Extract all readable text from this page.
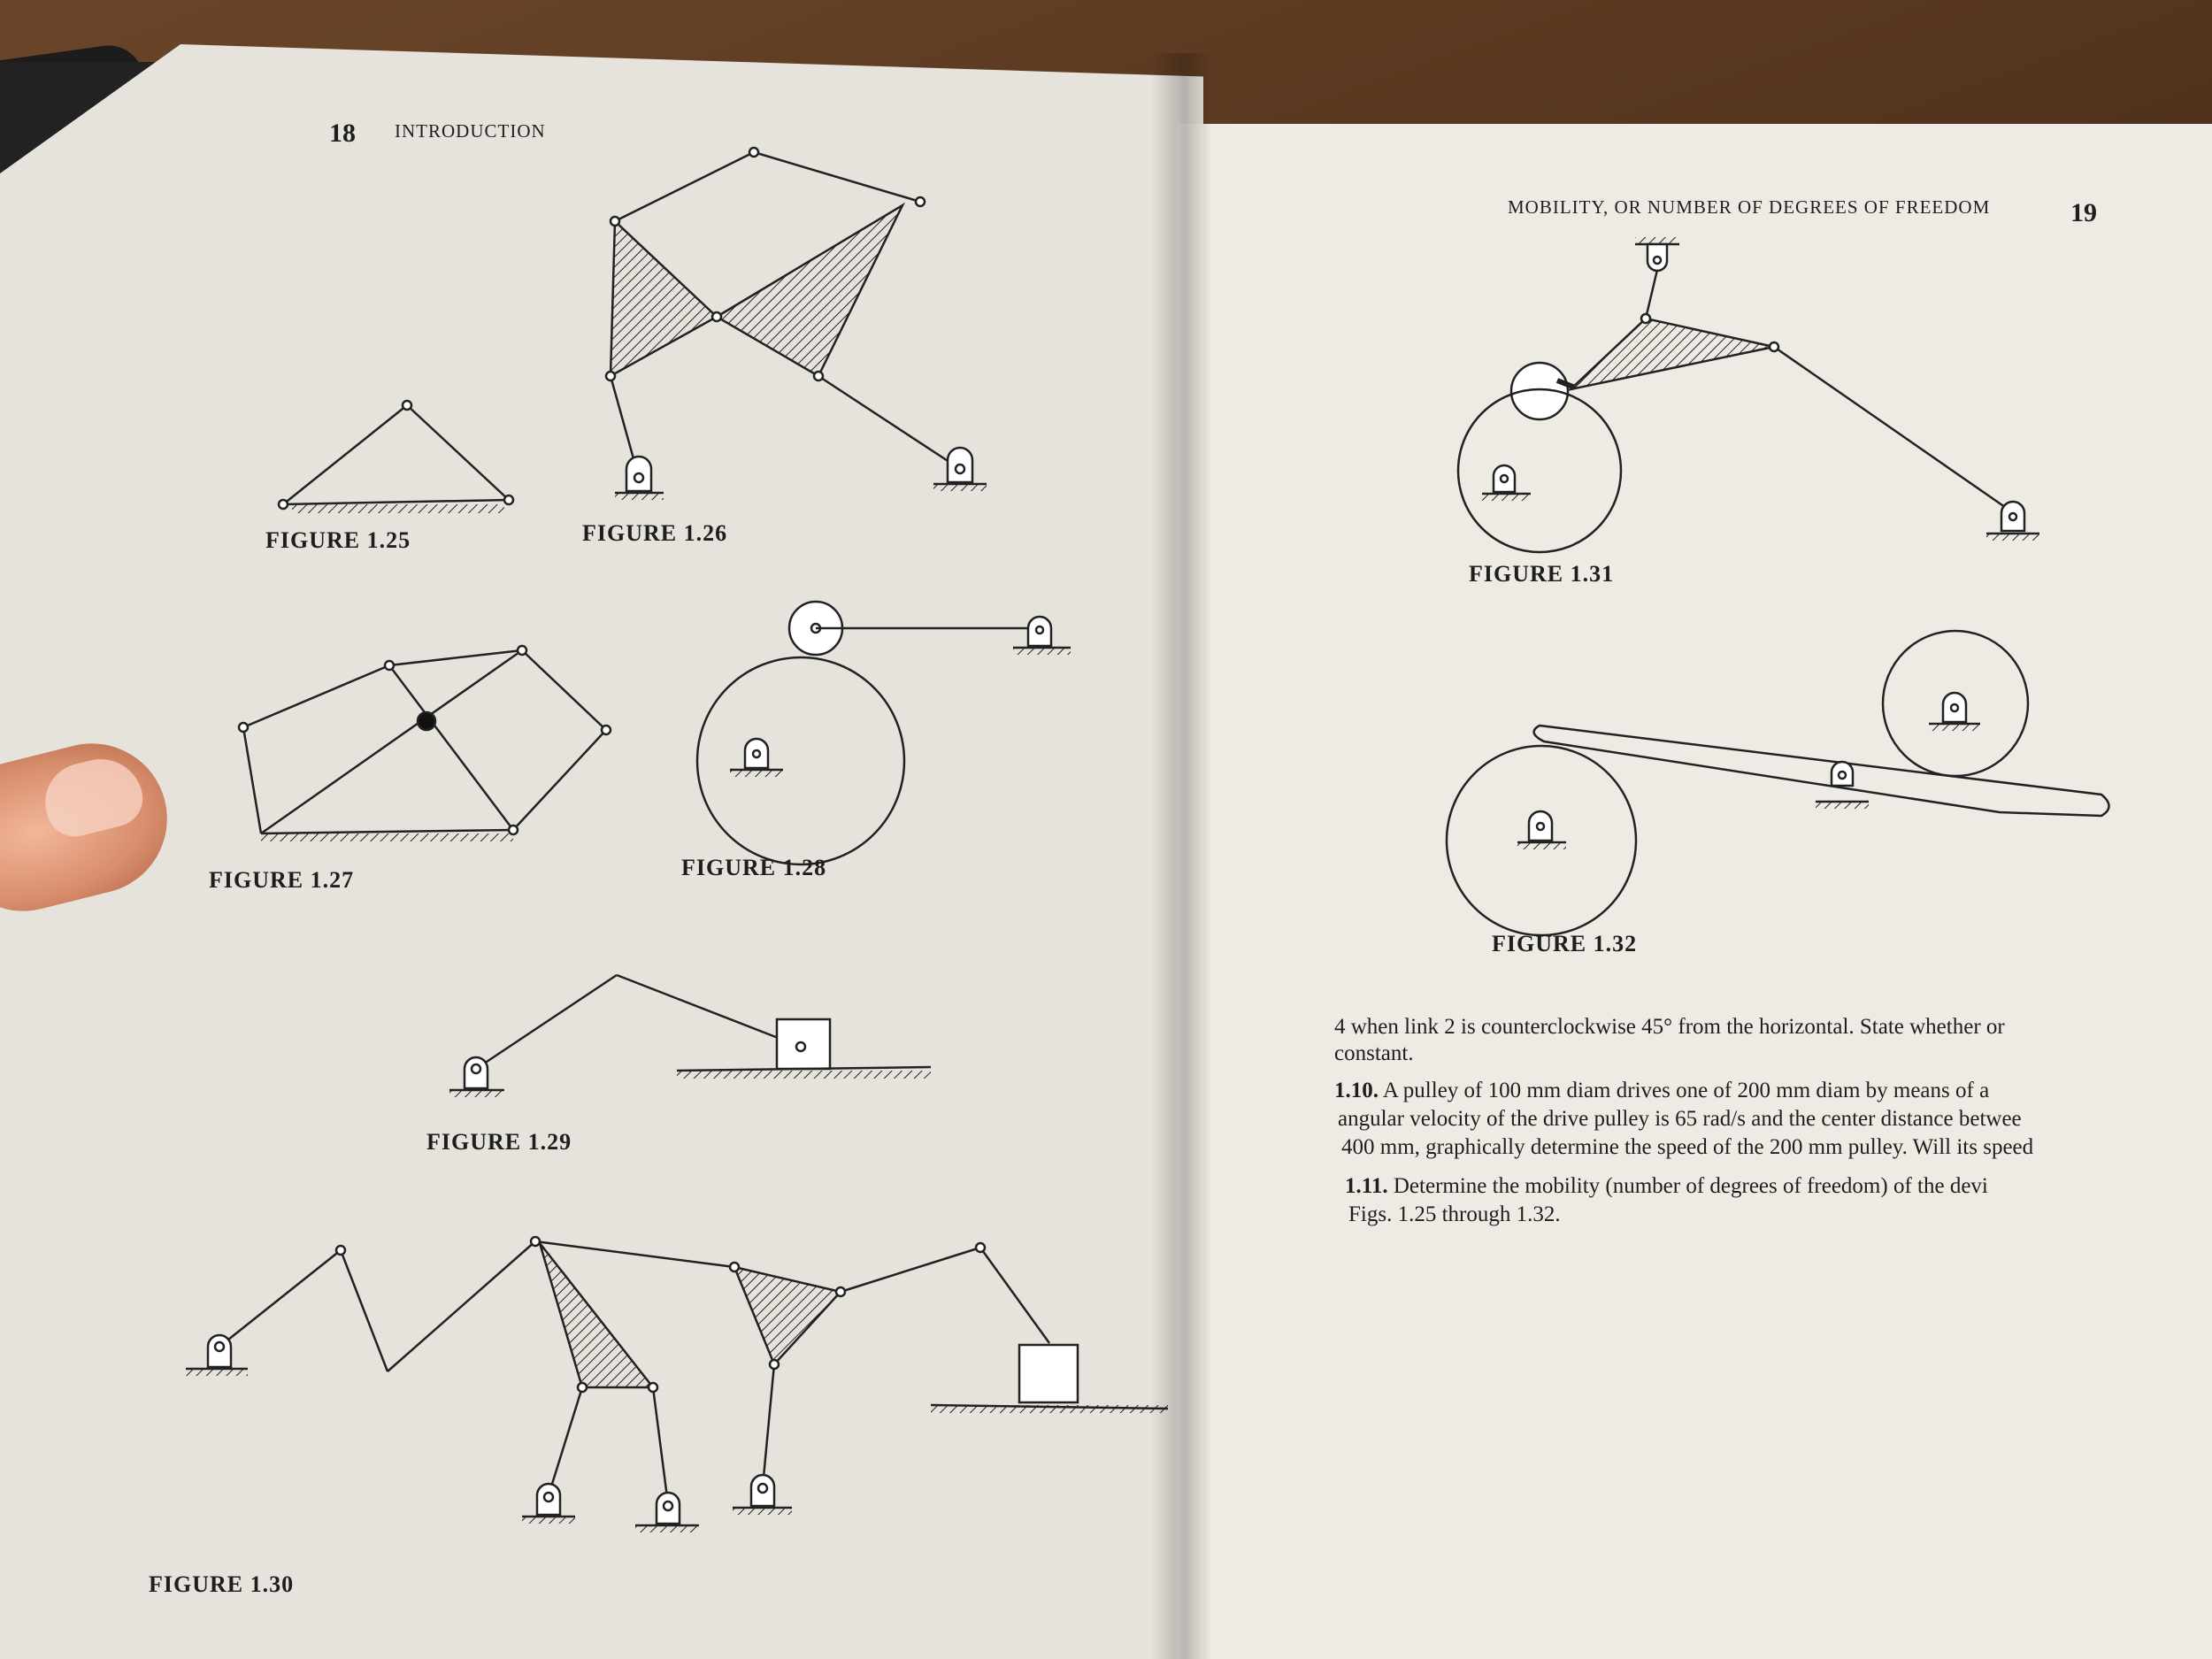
18 INTRODUCTION
FIGURE 1.25	FIGURE 1.26
FIGURE 1.27	FIGURE 1.28
FIGURE 1.29
FIGURE 1.30
MOBILITY, OR NUMBER OF DEGREES OF FREEDOM	19
FIGURE 1.31
FIGURE 1.32
4 when link 2 is counterclockwise 45° from the horizontal. State whether or
constant.
1.10. A pulley of 100 mm diam drives one of 200 mm diam by means of a
angular velocity of the drive pulley is 65 rad/s and the center distance betwee
400 mm, graphically determine the speed of the 200 mm pulley. Will its speed
1.11. Determine the mobility (number of degrees of freedom) of the devi
Figs. 1.25 through 1.32.
